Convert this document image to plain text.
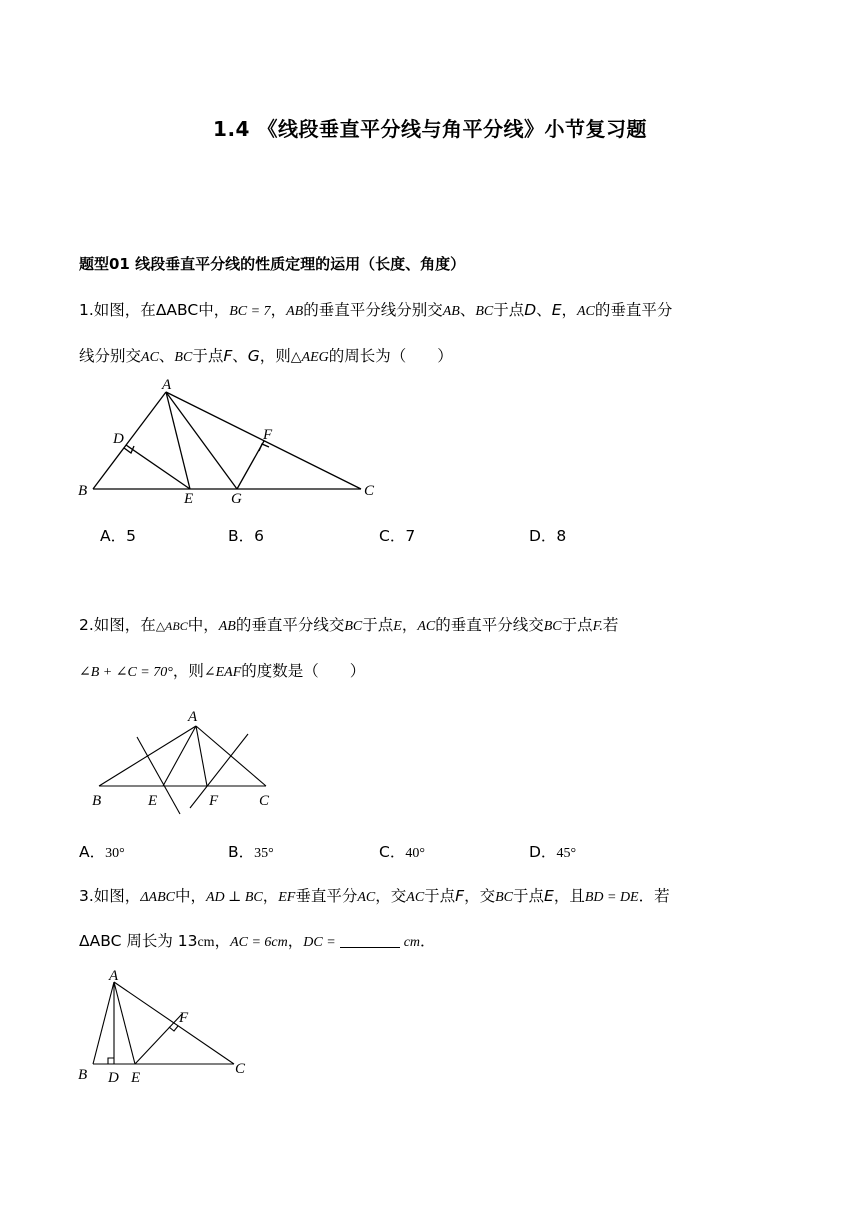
1.4 《线段垂直平分线与角平分线》小节复习题
题型01 线段垂直平分线的性质定理的运用（长度、角度）
1.如图，在ΔABC中，BC = 7，AB的垂直平分线分别交AB、BC于点D、E，AC的垂直平分
线分别交AC、BC于点F、G，则△AEG的周长为（　　）
A
D	F
B	E	G	C
A．5	B．6	C．7	D．8
2.如图，在△ABC中，AB的垂直平分线交BC于点E，AC的垂直平分线交BC于点F.若
∠B + ∠C = 70°，则∠EAF的度数是（　　）
A
B	E	F	C
A．30°	B．35°	C．40°	D．45°
3.如图，ΔABC中，AD ⊥ BC，EF垂直平分AC，交AC于点F，交BC于点E，且BD = DE．若
ΔABC 周长为 13cm，AC = 6cm，DC =	cm．
A
F
B D E
C
